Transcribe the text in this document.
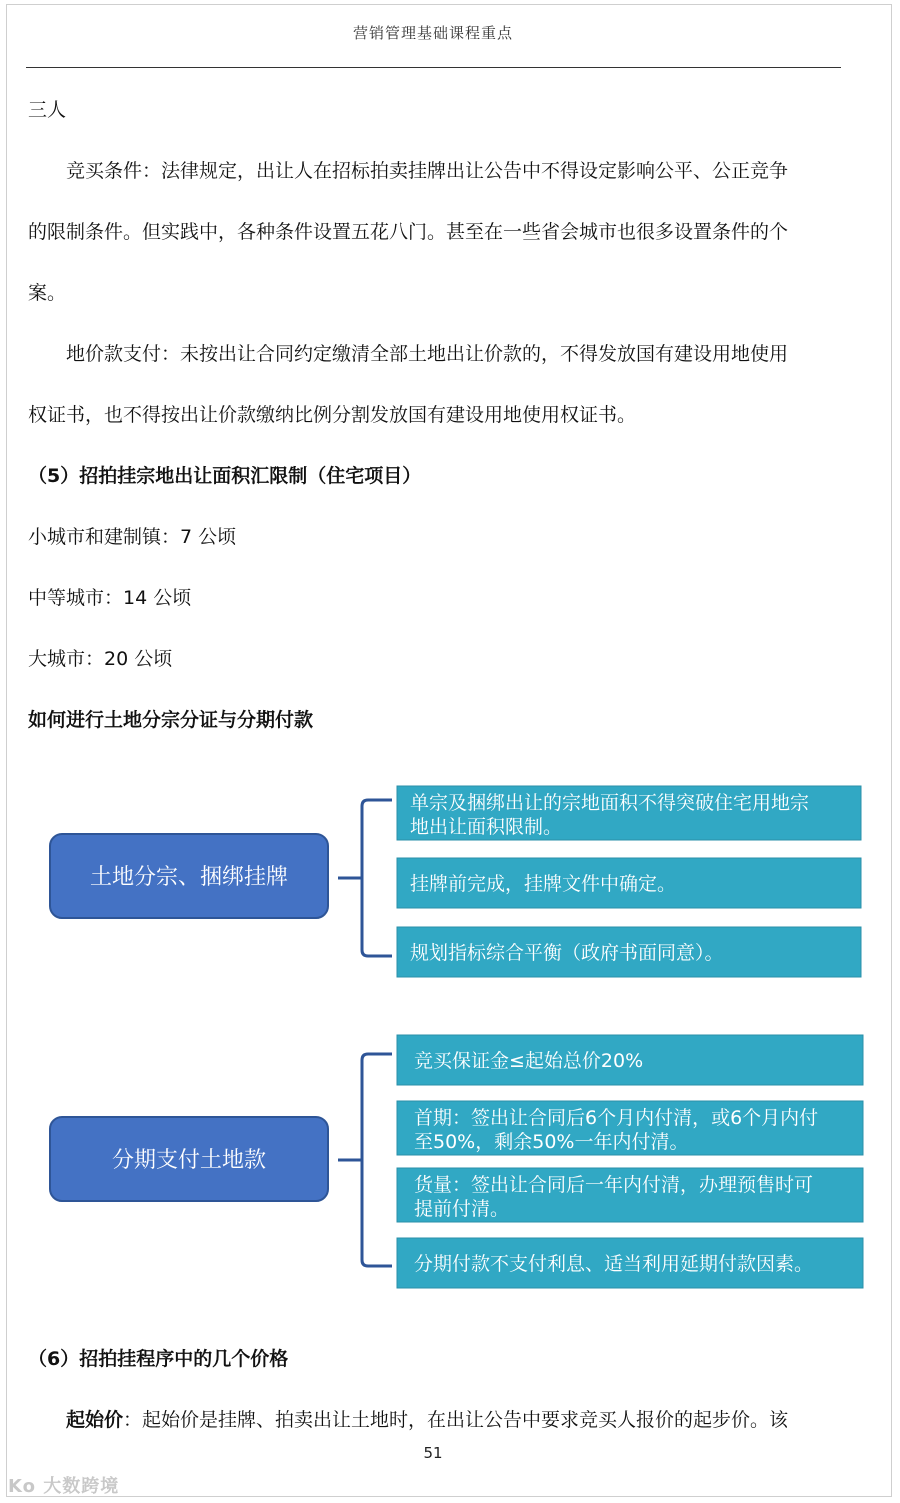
营销管理基础课程重点
三人
竞买条件：法律规定，出让人在招标拍卖挂牌出让公告中不得设定影响公平、公正竞争
的限制条件。但实践中，各种条件设置五花八门。甚至在一些省会城市也很多设置条件的个
案。
地价款支付：未按出让合同约定缴清全部土地出让价款的，不得发放国有建设用地使用
权证书，也不得按出让价款缴纳比例分割发放国有建设用地使用权证书。
（5）招拍挂宗地出让面积汇限制（住宅项目）
小城市和建制镇：7 公顷
中等城市：14 公顷
大城市：20 公顷
如何进行土地分宗分证与分期付款
土地分宗、捆绑挂牌
单宗及捆绑出让的宗地面积不得突破住宅用地宗
地出让面积限制。
挂牌前完成，挂牌文件中确定。
规划指标综合平衡（政府书面同意）。
分期支付土地款
竞买保证金≤起始总价20%
首期：签出让合同后6个月内付清，或6个月内付
至50%，剩余50%一年内付清。
货量：签出让合同后一年内付清，办理预售时可
提前付清。
分期付款不支付利息、适当利用延期付款因素。
（6）招拍挂程序中的几个价格
起始价：起始价是挂牌、拍卖出让土地时，在出让公告中要求竞买人报价的起步价。该
51
Ko 大数跨境
